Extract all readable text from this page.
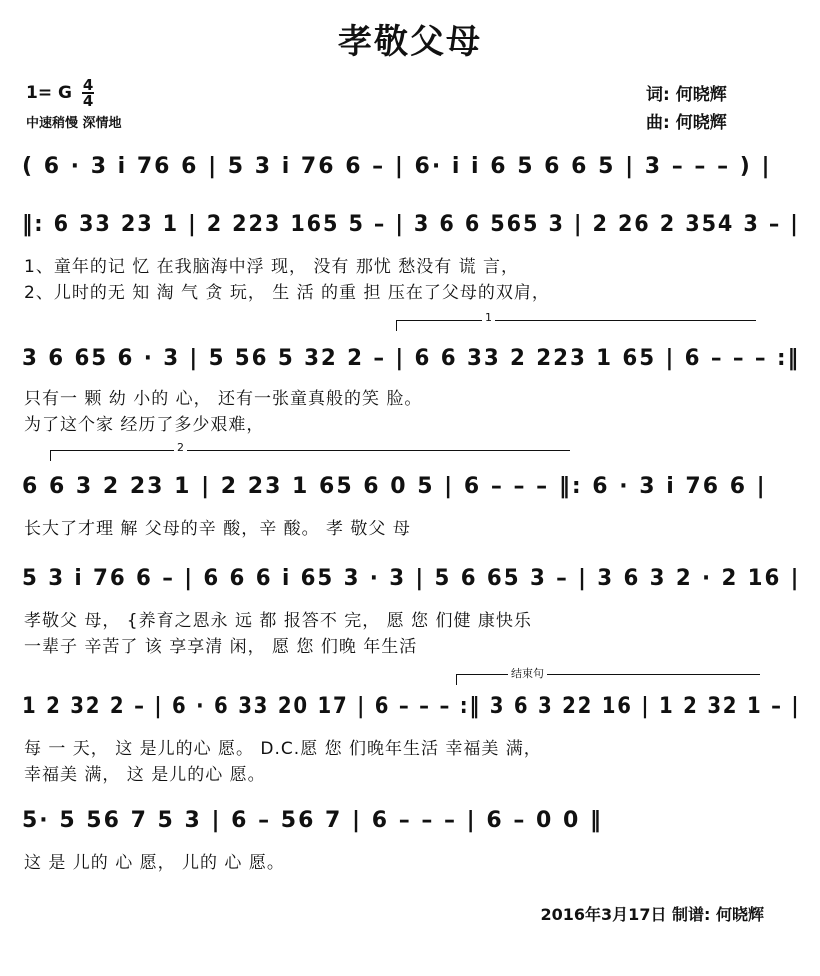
孝敬父母
1= G $\frac{4}{4}$
中速稍慢 深情地
词: 何晓辉
曲: 何晓辉
( 6 · 3 i 76 6 | 5 3 i 76 6 – | 6· i i 6 5 6 6 5 | 3 – – – ) |
‖: 6 33 23 1 | 2 223 165 5 – | 3 6 6 565 3 | 2 26 2 354 3 – |
1、童年的记 忆 在我脑海中浮 现， 没有 那忧 愁没有 谎 言，
2、儿时的无 知 淘 气 贪 玩， 生 活 的重 担 压在了父母的双肩，
1
3 6 65 6 · 3 | 5 56 5 32 2 – | 6 6 33 2 223 1 65 | 6 – – – :‖
只有一 颗 幼 小的 心， 还有一张童真般的笑 脸。
为了这个家 经历了多少艰难，
2
6 6 3 2 23 1 | 2 23 1 65 6 0 5 | 6 – – – ‖: 6 · 3 i 76 6 |
长大了才理 解 父母的辛 酸，辛 酸。 孝 敬父 母
5 3 i 76 6 – | 6 6 6 i 65 3 · 3 | 5 6 65 3 – | 3 6 3 2 · 2 16 |
孝敬父 母， {养育之恩永 远 都 报答不 完， 愿 您 们健 康快乐
一辈子 辛苦了 该 享享清 闲， 愿 您 们晚 年生活
结束句
1 2 32 2 – | 6 · 6 33 20 17 | 6 – – – :‖ 3 6 3 22 16 | 1 2 32 1 – |
每 一 天， 这 是儿的心 愿。 D.C.愿 您 们晚年生活 幸福美 满，
幸福美 满， 这 是儿的心 愿。
5· 5 56 7 5 3 | 6 – 56 7 | 6 – – – | 6 – 0 0 ‖
这 是 儿的 心 愿， 儿的 心 愿。
2016年3月17日 制谱: 何晓辉
